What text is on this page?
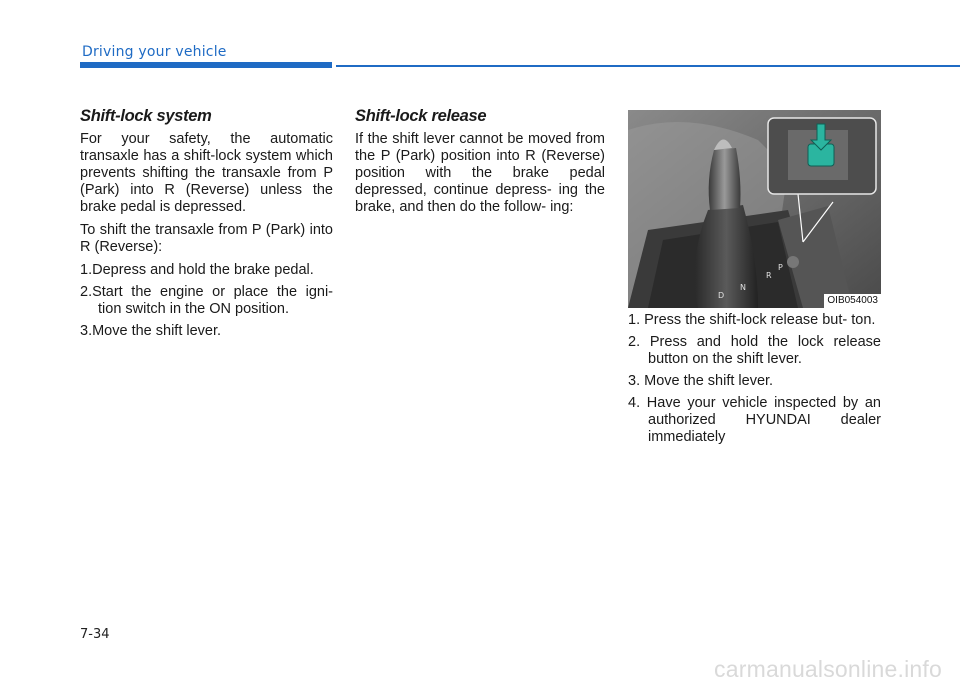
Driving your vehicle
Shift-lock system

For your safety, the automatic transaxle has a shift-lock system which prevents shifting the transaxle from P (Park) into R (Reverse) unless the brake pedal is depressed.

To shift the transaxle from P (Park) into R (Reverse):

1.Depress and hold the brake pedal.
2.Start the engine or place the igni- tion switch in the ON position.
3.Move the shift lever.
Shift-lock release

If the shift lever cannot be moved from the P (Park) position into R (Reverse) position with the brake pedal depressed, continue depress- ing the brake, and then do the follow- ing:

P
R
N
D	OIB054003
1. Press the shift-lock release but- ton.
2. Press and hold the lock release button on the shift lever.
3. Move the shift lever.
4. Have your vehicle inspected by an authorized HYUNDAI dealer immediately
7-34
carmanualsonline.info
